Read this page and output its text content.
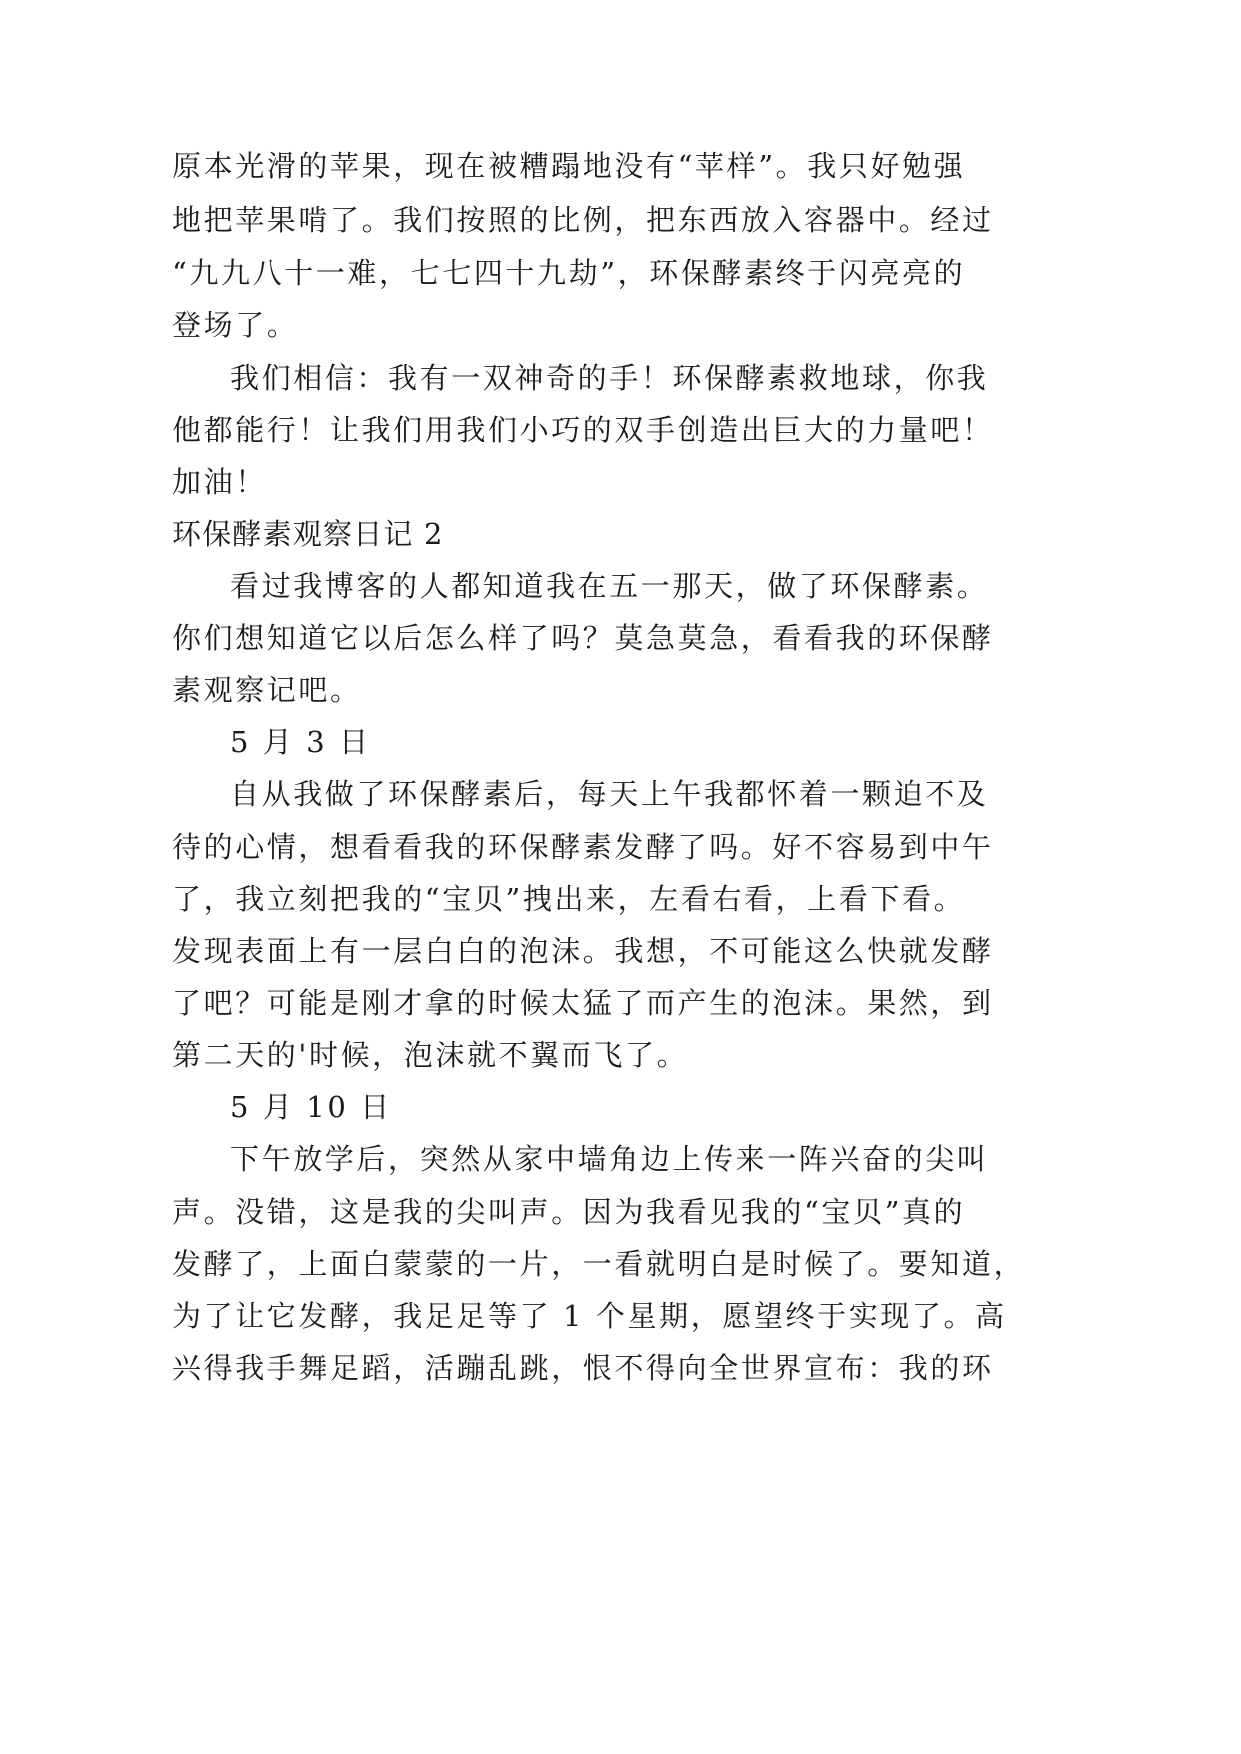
原本光滑的苹果，现在被糟蹋地没有“苹样”。我只好勉强
地把苹果啃了。我们按照的比例，把东西放入容器中。经过
“九九八十一难，七七四十九劫”，环保酵素终于闪亮亮的
登场了。
我们相信：我有一双神奇的手！环保酵素救地球，你我
他都能行！让我们用我们小巧的双手创造出巨大的力量吧！
加油！
环保酵素观察日记 2
看过我博客的人都知道我在五一那天，做了环保酵素。
你们想知道它以后怎么样了吗？莫急莫急，看看我的环保酵
素观察记吧。
5 月 3 日
自从我做了环保酵素后，每天上午我都怀着一颗迫不及
待的心情，想看看我的环保酵素发酵了吗。好不容易到中午
了，我立刻把我的“宝贝”拽出来，左看右看，上看下看。
发现表面上有一层白白的泡沫。我想，不可能这么快就发酵
了吧？可能是刚才拿的时候太猛了而产生的泡沫。果然，到
第二天的'时候，泡沫就不翼而飞了。
5 月 10 日
下午放学后，突然从家中墙角边上传来一阵兴奋的尖叫
声。没错，这是我的尖叫声。因为我看见我的“宝贝”真的
发酵了，上面白蒙蒙的一片，一看就明白是时候了。要知道，
为了让它发酵，我足足等了 1 个星期，愿望终于实现了。高
兴得我手舞足蹈，活蹦乱跳，恨不得向全世界宣布：我的环
